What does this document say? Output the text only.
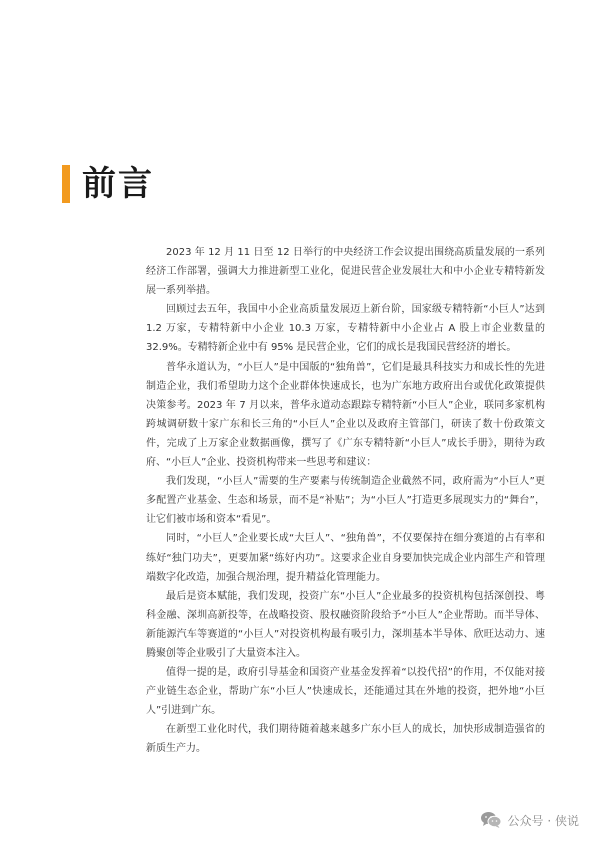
前言

2023 年 12 月 11 日至 12 日举行的中央经济工作会议提出围绕高质量发展的一系列经济工作部署，强调大力推进新型工业化，促进民营企业发展壮大和中小企业专精特新发展一系列举措。

回顾过去五年，我国中小企业高质量发展迈上新台阶，国家级专精特新“小巨人”达到 1.2 万家，专精特新中小企业 10.3 万家，专精特新中小企业占 A 股上市企业数量的 32.9%。专精特新企业中有 95% 是民营企业，它们的成长是我国民营经济的增长。

普华永道认为，“小巨人”是中国版的“独角兽”，它们是最具科技实力和成长性的先进制造企业，我们希望助力这个企业群体快速成长，也为广东地方政府出台或优化政策提供决策参考。2023 年 7 月以来，普华永道动态跟踪专精特新“小巨人”企业，联同多家机构跨城调研数十家广东和长三角的“小巨人”企业以及政府主管部门，研读了数十份政策文件，完成了上万家企业数据画像，撰写了《广东专精特新“小巨人”成长手册》，期待为政府、“小巨人”企业、投资机构带来一些思考和建议：

我们发现，“小巨人”需要的生产要素与传统制造企业截然不同，政府需为“小巨人”更多配置产业基金、生态和场景，而不是“补贴”；为“小巨人”打造更多展现实力的“舞台”，让它们被市场和资本“看见”。

同时，“小巨人”企业要长成“大巨人”、“独角兽”，不仅要保持在细分赛道的占有率和练好“独门功夫”，更要加紧“练好内功”。这要求企业自身要加快完成企业内部生产和管理端数字化改造，加强合规治理，提升精益化管理能力。

最后是资本赋能，我们发现，投资广东“小巨人”企业最多的投资机构包括深创投、粤科金融、深圳高新投等，在战略投资、股权融资阶段给予“小巨人”企业帮助。而半导体、新能源汽车等赛道的“小巨人”对投资机构最有吸引力，深圳基本半导体、欣旺达动力、速腾聚创等企业吸引了大量资本注入。

值得一提的是，政府引导基金和国资产业基金发挥着“以投代招”的作用，不仅能对接产业链生态企业，帮助广东“小巨人”快速成长，还能通过其在外地的投资，把外地“小巨人”引进到广东。

在新型工业化时代，我们期待随着越来越多广东小巨人的成长，加快形成制造强省的新质生产力。

公众号 · 侠说
